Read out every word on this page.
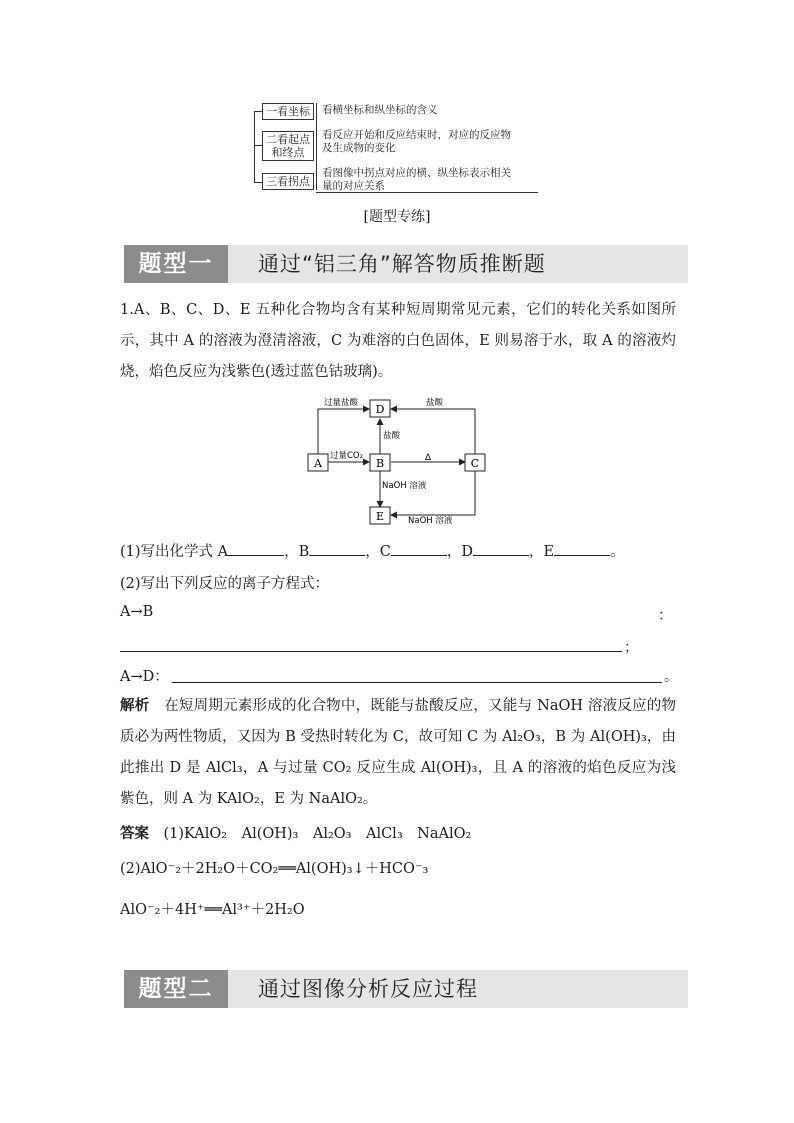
一看坐标
二看起点
和终点
三看拐点
看横坐标和纵坐标的含义
看反应开始和反应结束时，对应的反应物
及生成物的变化
看图像中拐点对应的横、纵坐标表示相关
量的对应关系
[题型专练]
题型一	通过“铝三角”解答物质推断题
1.A、B、C、D、E 五种化合物均含有某种短周期常见元素，它们的转化关系如图所示，其中 A 的溶液为澄清溶液，C 为难溶的白色固体，E 则易溶于水，取 A 的溶液灼烧，焰色反应为浅紫色(透过蓝色钴玻璃)。
D
A	B	C
E
过量盐酸	盐酸
盐酸
过量CO₂	Δ
NaOH 溶液
NaOH 溶液
(1)写出化学式 A	，B	，C	，D	，E	。
(2)写出下列反应的离子方程式：
A→B	：
；
A→D：	。
解析　 在短周期元素形成的化合物中，既能与盐酸反应，又能与 NaOH 溶液反应的物质必为两性物质，又因为 B 受热时转化为 C，故可知 C 为 Al₂O₃，B 为 Al(OH)₃，由此推出 D 是 AlCl₃，A 与过量 CO₂ 反应生成 Al(OH)₃，且 A 的溶液的焰色反应为浅紫色，则 A 为 KAlO₂，E 为 NaAlO₂。
答案　 (1)KAlO₂　Al(OH)₃　Al₂O₃　AlCl₃　NaAlO₂
(2)AlO⁻₂＋2H₂O＋CO₂══Al(OH)₃↓＋HCO⁻₃
AlO⁻₂＋4H⁺══Al³⁺＋2H₂O
题型二	通过图像分析反应过程
